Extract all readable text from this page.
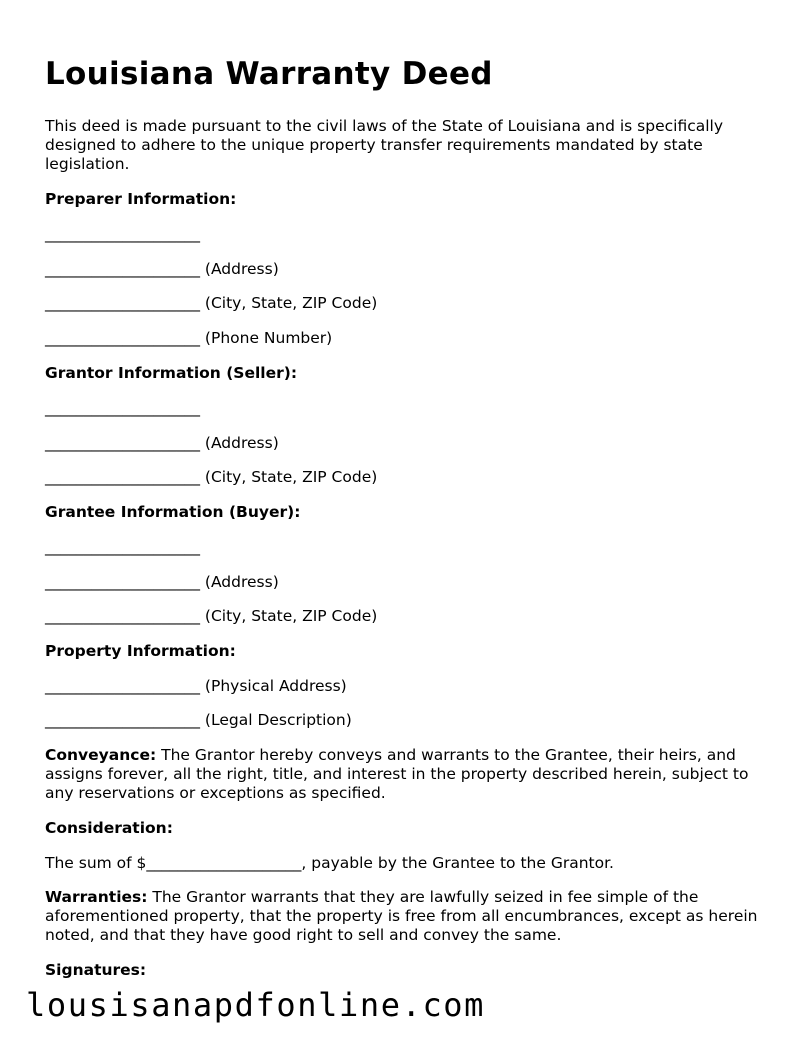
Louisiana Warranty Deed
This deed is made pursuant to the civil laws of the State of Louisiana and is specifically designed to adhere to the unique property transfer requirements mandated by state legislation.
Preparer Information:
____________________
____________________ (Address)
____________________ (City, State, ZIP Code)
____________________ (Phone Number)
Grantor Information (Seller):
____________________
____________________ (Address)
____________________ (City, State, ZIP Code)
Grantee Information (Buyer):
____________________
____________________ (Address)
____________________ (City, State, ZIP Code)
Property Information:
____________________ (Physical Address)
____________________ (Legal Description)
Conveyance: The Grantor hereby conveys and warrants to the Grantee, their heirs, and assigns forever, all the right, title, and interest in the property described herein, subject to any reservations or exceptions as specified.
Consideration:
The sum of $____________________, payable by the Grantee to the Grantor.
Warranties: The Grantor warrants that they are lawfully seized in fee simple of the aforementioned property, that the property is free from all encumbrances, except as herein noted, and that they have good right to sell and convey the same.
Signatures:
lousisanapdfonline.com
